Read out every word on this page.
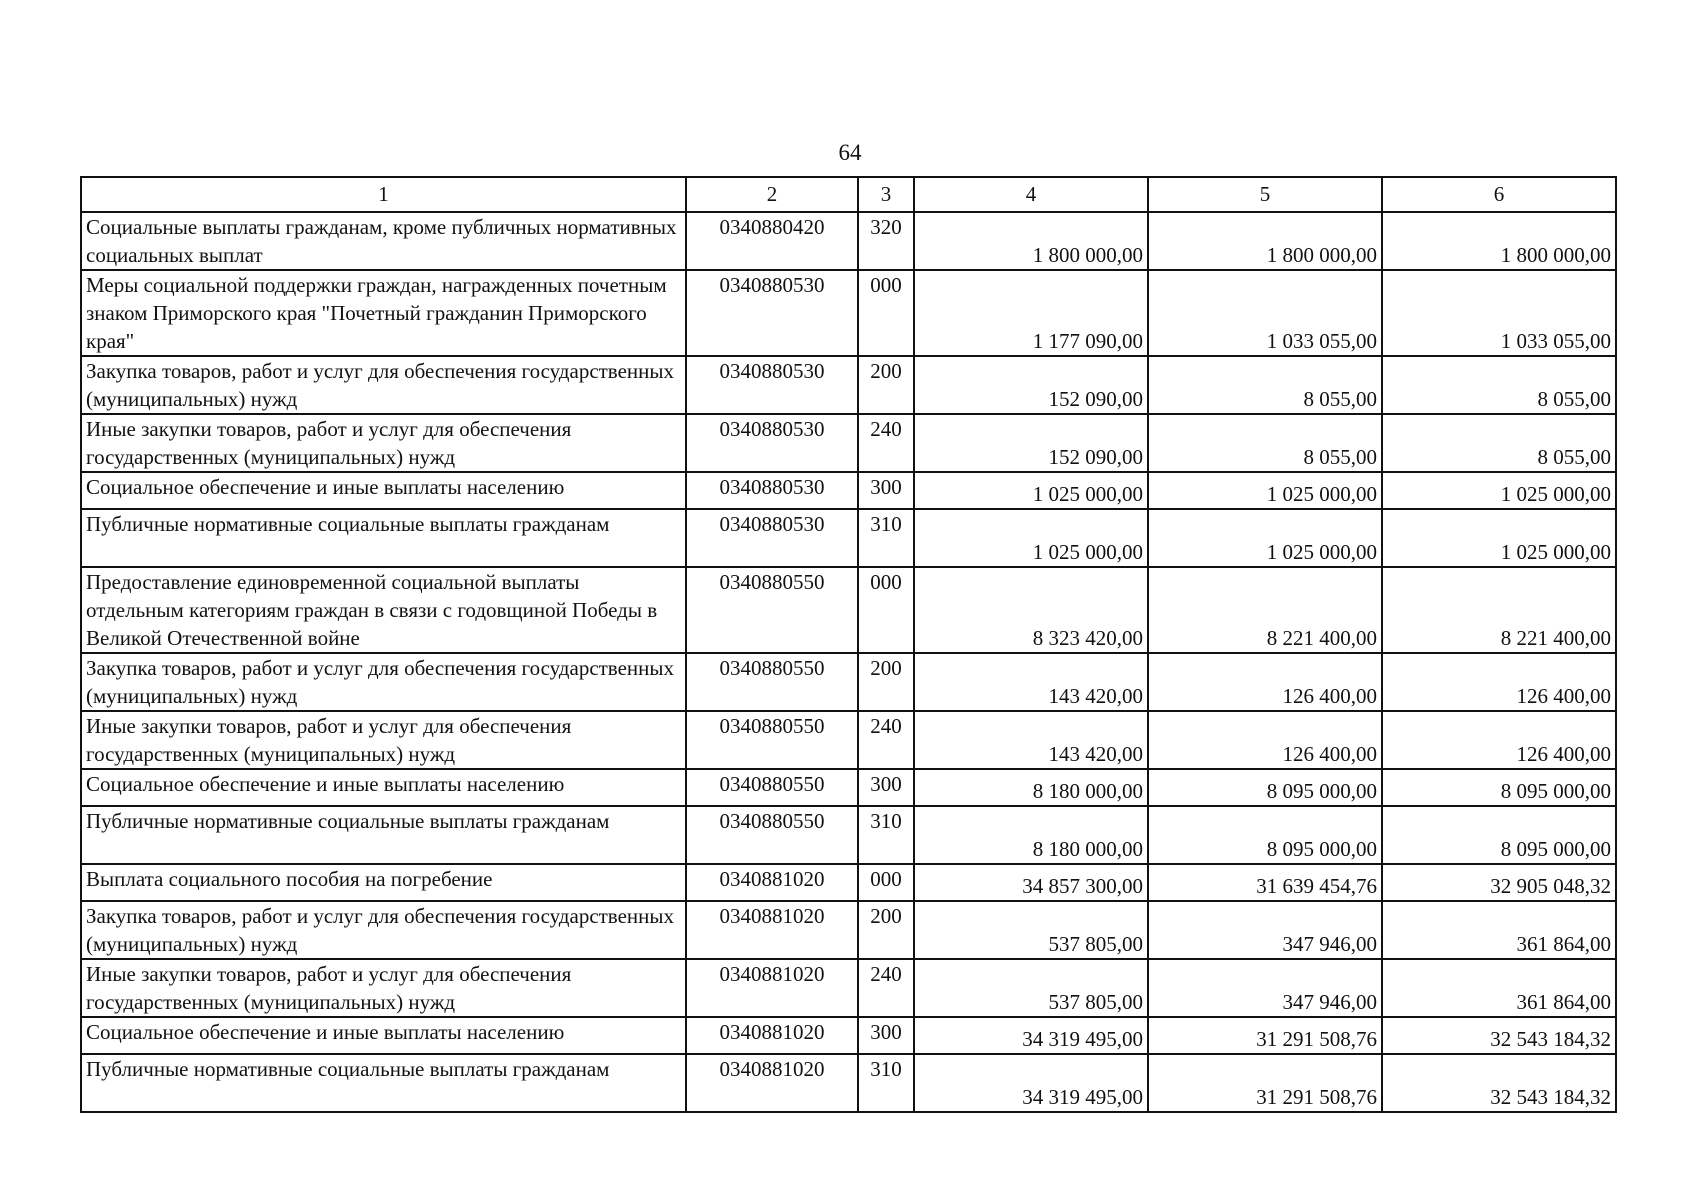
64
1	2	3	4	5	6
Социальные выплаты гражданам, кроме публичных нормативных социальных выплат	0340880420	320	1 800 000,00	1 800 000,00	1 800 000,00
Меры социальной поддержки граждан, награжденных почетным знаком Приморского края "Почетный гражданин Приморского края"	0340880530	000	1 177 090,00	1 033 055,00	1 033 055,00
Закупка товаров, работ и услуг для обеспечения государственных (муниципальных) нужд	0340880530	200	152 090,00	8 055,00	8 055,00
Иные закупки товаров, работ и услуг для обеспечения государственных (муниципальных) нужд	0340880530	240	152 090,00	8 055,00	8 055,00
Социальное обеспечение и иные выплаты населению	0340880530	300	1 025 000,00	1 025 000,00	1 025 000,00
Публичные нормативные социальные выплаты гражданам	0340880530	310	1 025 000,00	1 025 000,00	1 025 000,00
Предоставление единовременной социальной выплаты отдельным категориям граждан в связи с годовщиной Победы в Великой Отечественной войне	0340880550	000	8 323 420,00	8 221 400,00	8 221 400,00
Закупка товаров, работ и услуг для обеспечения государственных (муниципальных) нужд	0340880550	200	143 420,00	126 400,00	126 400,00
Иные закупки товаров, работ и услуг для обеспечения государственных (муниципальных) нужд	0340880550	240	143 420,00	126 400,00	126 400,00
Социальное обеспечение и иные выплаты населению	0340880550	300	8 180 000,00	8 095 000,00	8 095 000,00
Публичные нормативные социальные выплаты гражданам	0340880550	310	8 180 000,00	8 095 000,00	8 095 000,00
Выплата социального пособия на погребение	0340881020	000	34 857 300,00	31 639 454,76	32 905 048,32
Закупка товаров, работ и услуг для обеспечения государственных (муниципальных) нужд	0340881020	200	537 805,00	347 946,00	361 864,00
Иные закупки товаров, работ и услуг для обеспечения государственных (муниципальных) нужд	0340881020	240	537 805,00	347 946,00	361 864,00
Социальное обеспечение и иные выплаты населению	0340881020	300	34 319 495,00	31 291 508,76	32 543 184,32
Публичные нормативные социальные выплаты гражданам	0340881020	310	34 319 495,00	31 291 508,76	32 543 184,32
